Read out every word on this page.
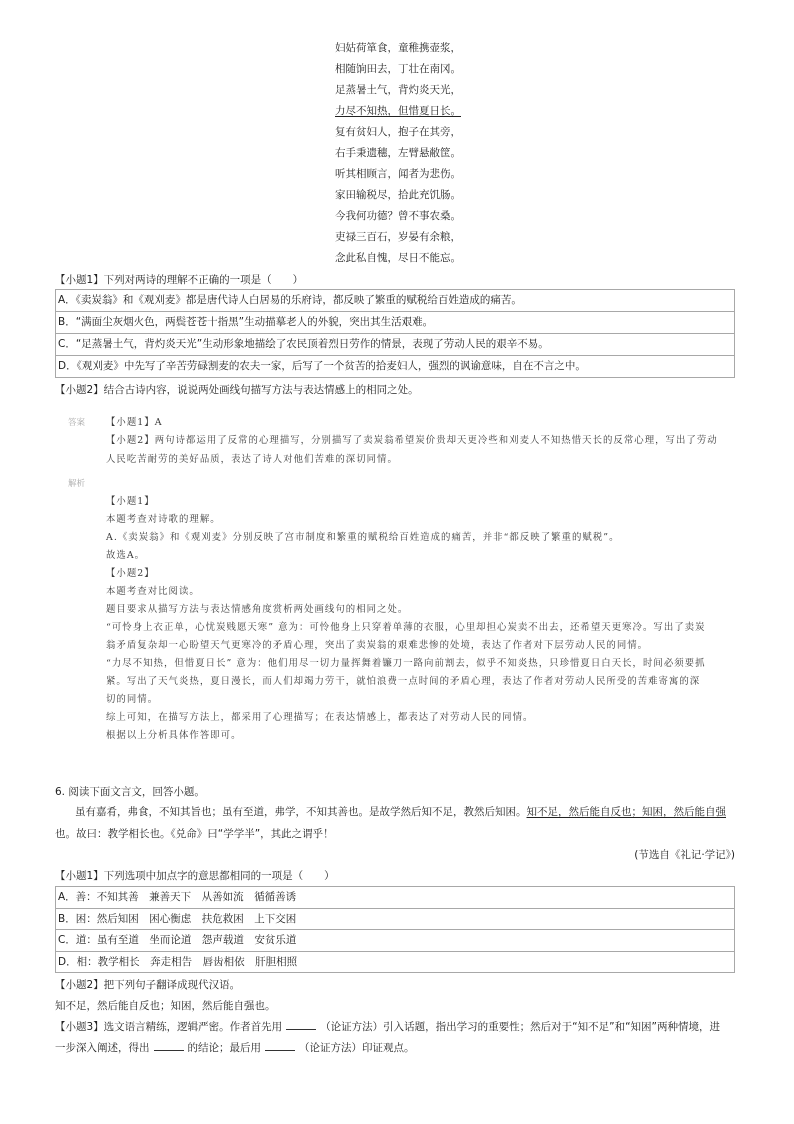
妇姑荷箪食，童稚携壶浆，
相随饷田去，丁壮在南冈。
足蒸暑土气，背灼炎天光，
力尽不知热，但惜夏日长。
复有贫妇人，抱子在其旁，
右手秉遗穗，左臂悬敝筐。
听其相顾言，闻者为悲伤。
家田输税尽，拾此充饥肠。
今我何功德？曾不事农桑。
吏禄三百石，岁晏有余粮，
念此私自愧，尽日不能忘。
【小题1】下列对两诗的理解不正确的一项是（　　）
A．《卖炭翁》和《观刈麦》都是唐代诗人白居易的乐府诗，都反映了繁重的赋税给百姓造成的痛苦。
B．“满面尘灰烟火色，两鬓苍苍十指黑”生动描摹老人的外貌，突出其生活艰难。
C．“足蒸暑土气，背灼炎天光”生动形象地描绘了农民顶着烈日劳作的情景，表现了劳动人民的艰辛不易。
D．《观刈麦》中先写了辛苦劳碌割麦的农夫一家，后写了一个贫苦的拾麦妇人，强烈的讽谕意味，自在不言之中。
【小题2】结合古诗内容，说说两处画线句描写方法与表达情感上的相同之处。
答案 【小题1】A
【小题2】两句诗都运用了反常的心理描写，分别描写了卖炭翁希望炭价贵却天更冷些和刈麦人不知热惜天长的反常心理，写出了劳动
人民吃苦耐劳的美好品质，表达了诗人对他们苦难的深切同情。
解析
【小题1】
本题考查对诗歌的理解。
A.《卖炭翁》和《观刈麦》分别反映了宫市制度和繁重的赋税给百姓造成的痛苦，并非“都反映了繁重的赋税”。
故选A。
【小题2】
本题考查对比阅读。
题目要求从描写方法与表达情感角度赏析两处画线句的相同之处。
“可怜身上衣正单，心忧炭贱愿天寒” 意为：可怜他身上只穿着单薄的衣服，心里却担心炭卖不出去，还希望天更寒冷。写出了卖炭
翁矛盾复杂却一心盼望天气更寒冷的矛盾心理，突出了卖炭翁的艰难悲惨的处境，表达了作者对下层劳动人民的同情。
“力尽不知热，但惜夏日长” 意为：他们用尽一切力量挥舞着镰刀一路向前割去，似乎不知炎热，只珍惜夏日白天长，时间必须要抓
紧。写出了天气炎热，夏日漫长，而人们却竭力劳干，就怕浪费一点时间的矛盾心理，表达了作者对劳动人民所受的苦难寄寓的深
切的同情。
综上可知，在描写方法上，都采用了心理描写；在表达情感上，都表达了对劳动人民的同情。
根据以上分析具体作答即可。
6. 阅读下面文言文，回答小题。
虽有嘉肴，弗食，不知其旨也；虽有至道，弗学，不知其善也。是故学然后知不足，教然后知困。知不足，然后能自反也；知困，然后能自强
也。故曰：教学相长也。《兑命》曰“学学半”，其此之谓乎！
(节选自《礼记·学记》)
【小题1】下列选项中加点字的意思都相同的一项是（　　）
A．善：不知其善　兼善天下　从善如流　循循善诱
B．困：然后知困　困心衡虑　扶危救困　上下交困
C．道：虽有至道　坐而论道　怨声载道　安贫乐道
D．相：教学相长　奔走相告　唇齿相依　肝胆相照
【小题2】把下列句子翻译成现代汉语。
知不足，然后能自反也；知困，然后能自强也。
【小题3】选文语言精练，逻辑严密。作者首先用	（论证方法）引入话题，指出学习的重要性；然后对于“知不足”和“知困”两种情境，进
一步深入阐述，得出	的结论；最后用	（论证方法）印证观点。
